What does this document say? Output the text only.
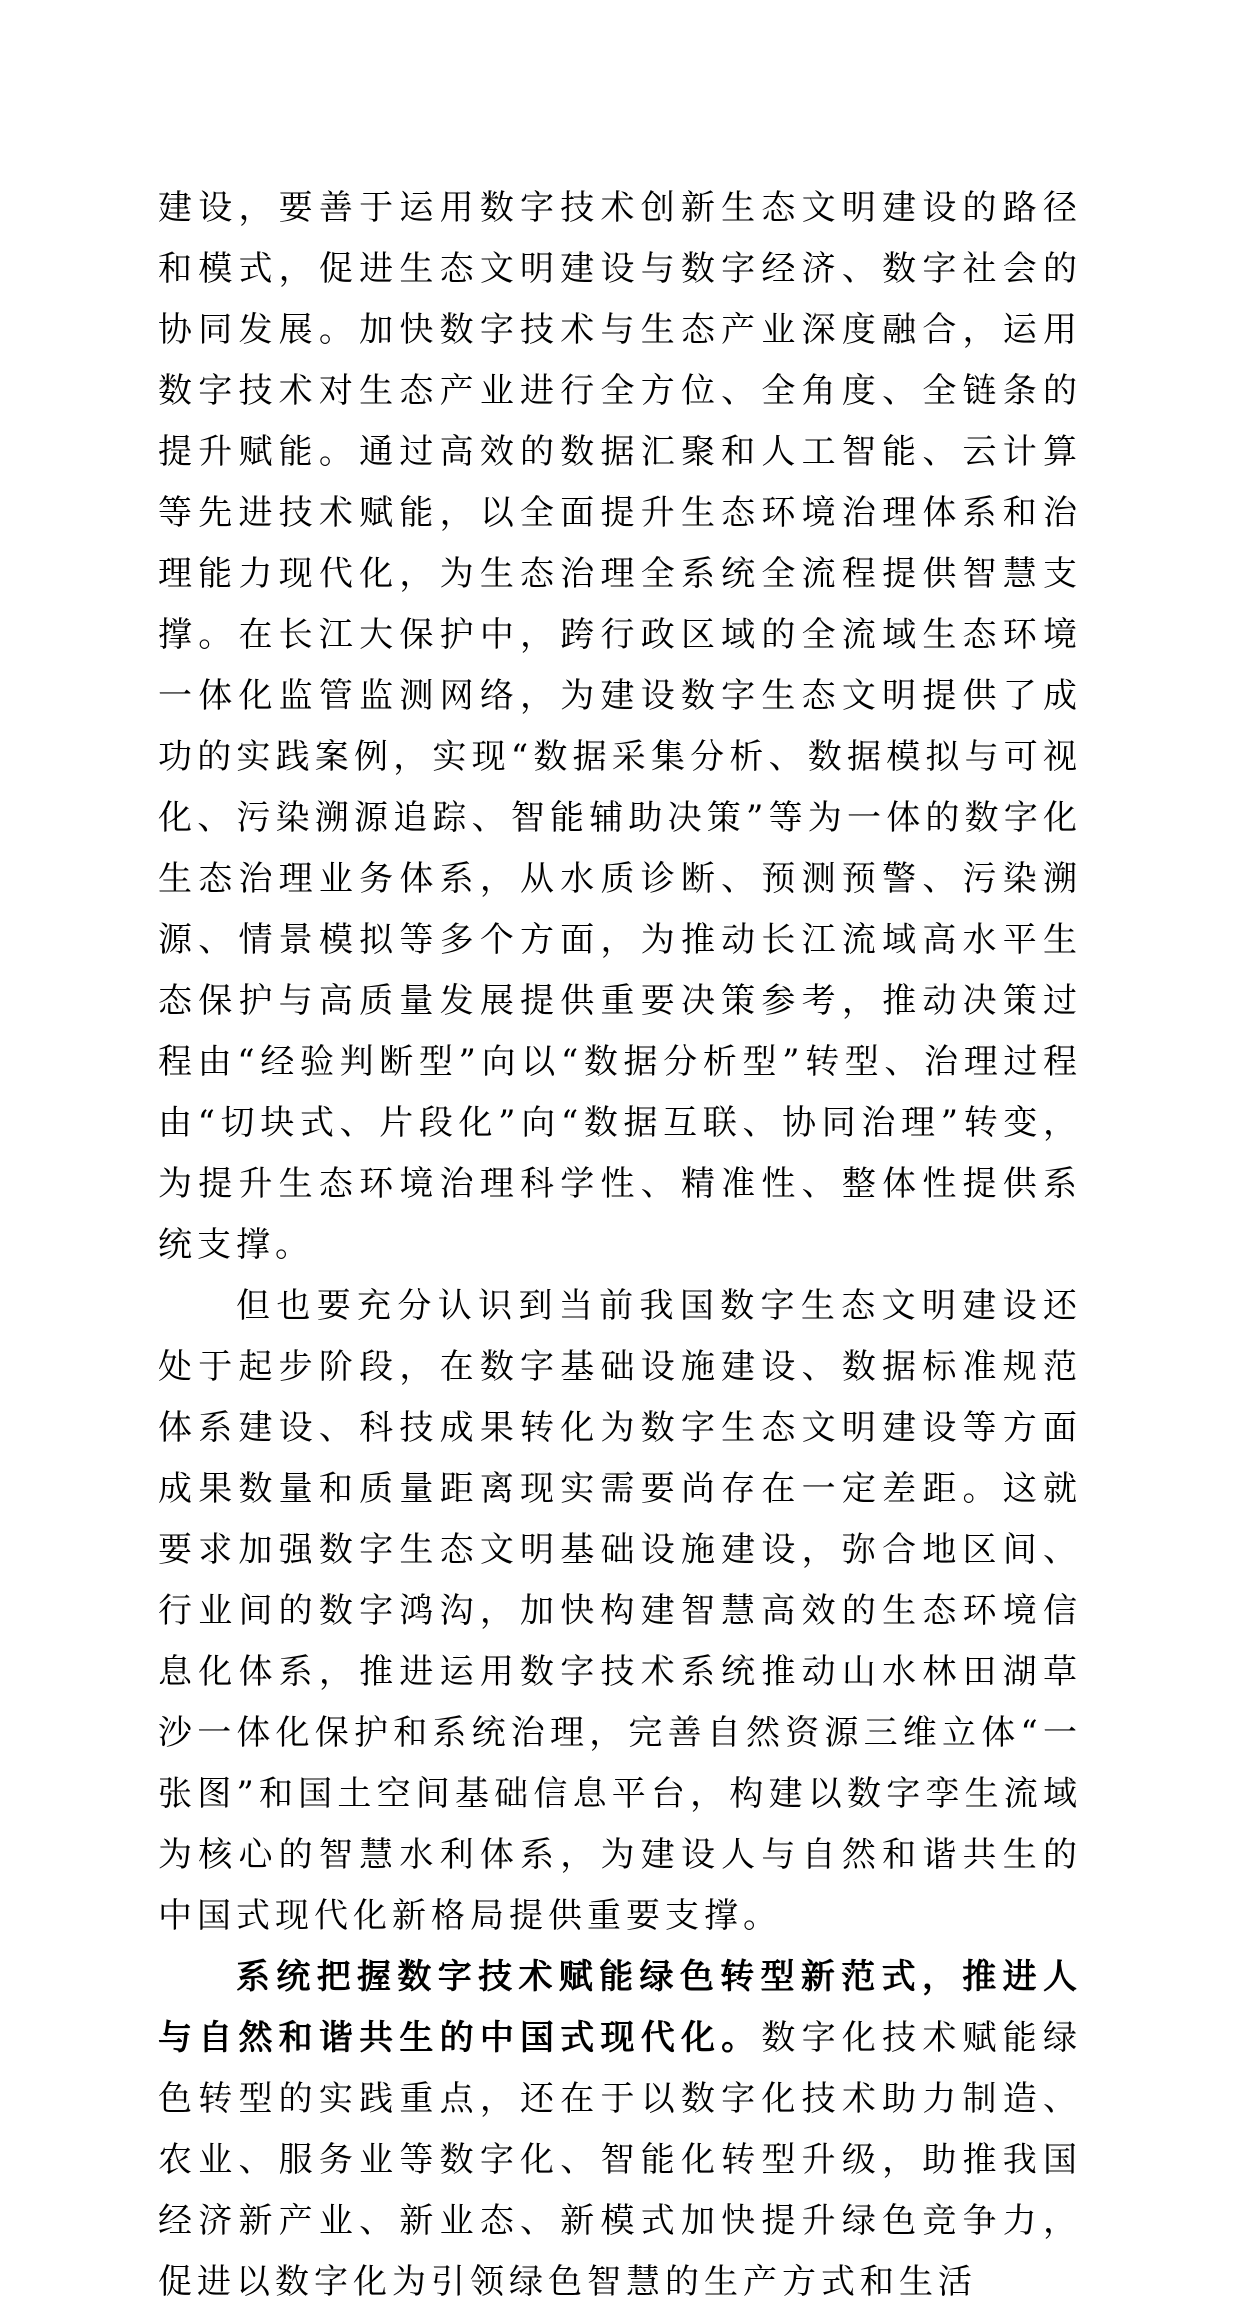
建设，要善于运用数字技术创新生态文明建设的路径和模式，促进生态文明建设与数字经济、数字社会的协同发展。加快数字技术与生态产业深度融合，运用数字技术对生态产业进行全方位、全角度、全链条的提升赋能。通过高效的数据汇聚和人工智能、云计算等先进技术赋能，以全面提升生态环境治理体系和治理能力现代化，为生态治理全系统全流程提供智慧支撑。在长江大保护中，跨行政区域的全流域生态环境一体化监管监测网络，为建设数字生态文明提供了成功的实践案例，实现“数据采集分析、数据模拟与可视化、污染溯源追踪、智能辅助决策”等为一体的数字化生态治理业务体系，从水质诊断、预测预警、污染溯源、情景模拟等多个方面，为推动长江流域高水平生态保护与高质量发展提供重要决策参考，推动决策过程由“经验判断型”向以“数据分析型”转型、治理过程由“切块式、片段化”向“数据互联、协同治理”转变，为提升生态环境治理科学性、精准性、整体性提供系统支撑。

但也要充分认识到当前我国数字生态文明建设还处于起步阶段，在数字基础设施建设、数据标准规范体系建设、科技成果转化为数字生态文明建设等方面成果数量和质量距离现实需要尚存在一定差距。这就要求加强数字生态文明基础设施建设，弥合地区间、行业间的数字鸿沟，加快构建智慧高效的生态环境信息化体系，推进运用数字技术系统推动山水林田湖草沙一体化保护和系统治理，完善自然资源三维立体“一张图”和国土空间基础信息平台，构建以数字孪生流域为核心的智慧水利体系，为建设人与自然和谐共生的中国式现代化新格局提供重要支撑。

系统把握数字技术赋能绿色转型新范式，推进人与自然和谐共生的中国式现代化。数字化技术赋能绿色转型的实践重点，还在于以数字化技术助力制造、农业、服务业等数字化、智能化转型升级，助推我国经济新产业、新业态、新模式加快提升绿色竞争力，促进以数字化为引领绿色智慧的生产方式和生活
